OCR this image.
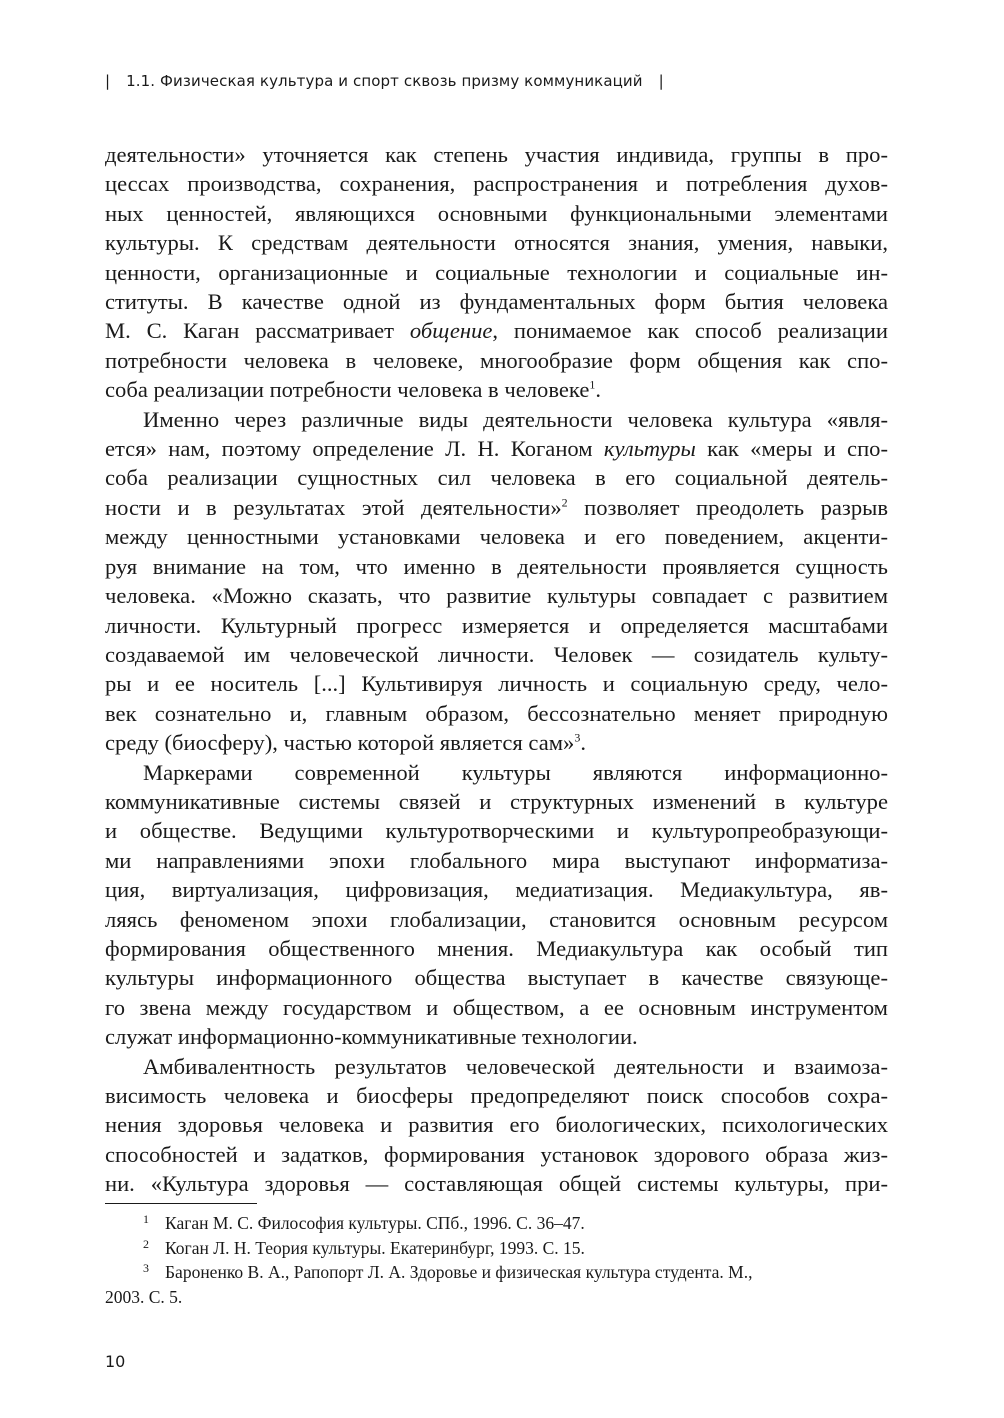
| 1.1. Физическая культура и спорт сквозь призму коммуникаций |

деятельности» уточняется как степень участия индивида, группы в про-
цессах производства, сохранения, распространения и потребления духов-
ных ценностей, являющихся основными функциональными элементами
культуры. К средствам деятельности относятся знания, умения, навыки,
ценности, организационные и социальные технологии и социальные ин-
ституты. В качестве одной из фундаментальных форм бытия человека
М. С. Каган рассматривает общение, понимаемое как способ реализации
потребности человека в человеке, многообразие форм общения как спо-
соба реализации потребности человека в человеке$^1$.

Именно через различные виды деятельности человека культура «явля-
ется» нам, поэтому определение Л. Н. Коганом культуры как «меры и спо-
соба реализации сущностных сил человека в его социальной деятель-
ности и в результатах этой деятельности»$^2$ позволяет преодолеть разрыв
между ценностными установками человека и его поведением, акценти-
руя внимание на том, что именно в деятельности проявляется сущность
человека. «Можно сказать, что развитие культуры совпадает с развитием
личности. Культурный прогресс измеряется и определяется масштабами
создаваемой им человеческой личности. Человек — созидатель культу-
ры и ее носитель [...] Культивируя личность и социальную среду, чело-
век сознательно и, главным образом, бессознательно меняет природную
среду (биосферу), частью которой является сам»$^3$.

Маркерами современной культуры являются информационно-
коммуникативные системы связей и структурных изменений в культуре
и обществе. Ведущими культуротворческими и культуропреобразующи-
ми направлениями эпохи глобального мира выступают информатиза-
ция, виртуализация, цифровизация, медиатизация. Медиакультура, яв-
ляясь феноменом эпохи глобализации, становится основным ресурсом
формирования общественного мнения. Медиакультура как особый тип
культуры информационного общества выступает в качестве связующе-
го звена между государством и обществом, а ее основным инструментом
служат информационно-коммуникативные технологии.

Амбивалентность результатов человеческой деятельности и взаимоза-
висимость человека и биосферы предопределяют поиск способов сохра-
нения здоровья человека и развития его биологических, психологических
способностей и задатков, формирования установок здорового образа жиз-
ни. «Культура здоровья — составляющая общей системы культуры, при-

1 Каган М. С. Философия культуры. СПб., 1996. С. 36–47.
2 Коган Л. Н. Теория культуры. Екатеринбург, 1993. С. 15.
3 Бароненко В. А., Рапопорт Л. А. Здоровье и физическая культура студента. М.,
2003. С. 5.
10
